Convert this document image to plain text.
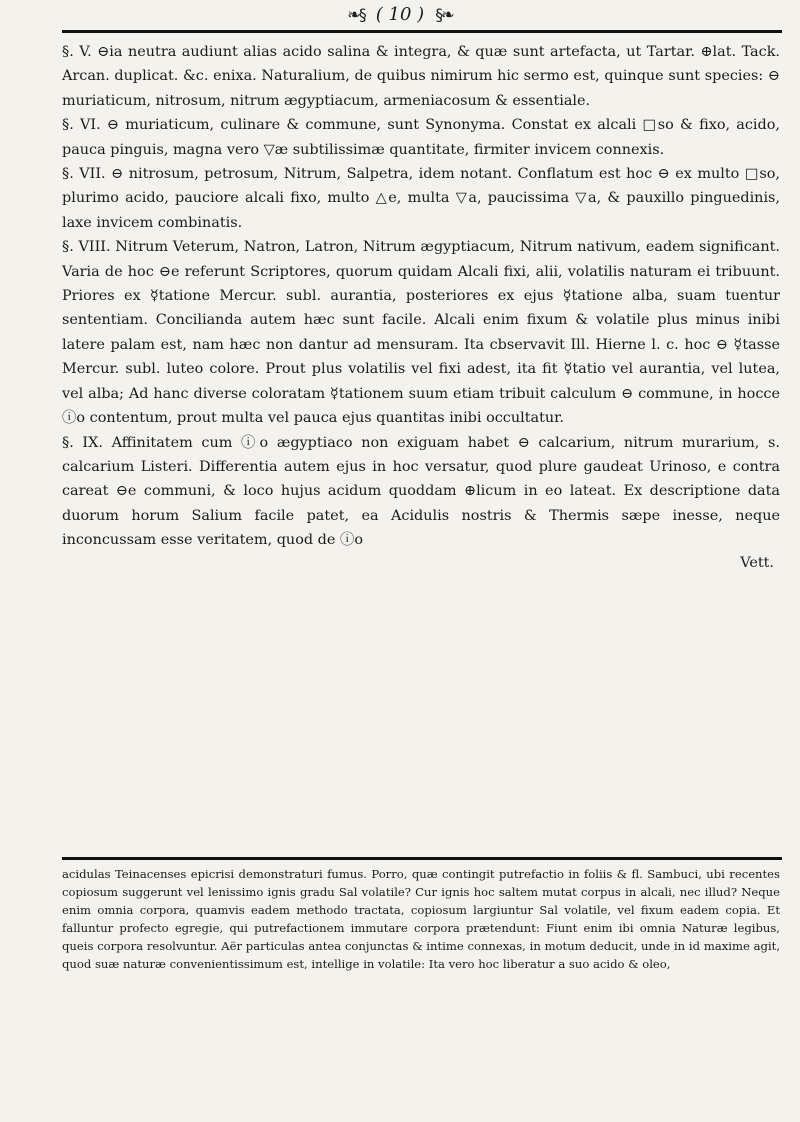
❧§ ( 10 ) §❧

§. V. ⊖ia neutra audiunt alias acido salina & integra, & quæ sunt artefacta, ut Tartar. ⊕lat. Tack. Arcan. duplicat. &c. enixa. Naturalium, de quibus nimirum hic sermo est, quinque sunt species: ⊖ muriaticum, nitrosum, nitrum ægyptiacum, armeniacosum & essentiale.

§. VI. ⊖ muriaticum, culinare & commune, sunt Synonyma. Constat ex alcali □so & fixo, acido, pauca pinguis, magna vero ▽æ subtilissimæ quantitate, firmiter invicem connexis.

§. VII. ⊖ nitrosum, petrosum, Nitrum, Salpetra, idem notant. Conflatum est hoc ⊖ ex multo □so, plurimo acido, pauciore alcali fixo, multo △e, multa ▽a, paucissima ▽a, & pauxillo pinguedinis, laxe invicem combinatis.

§. VIII. Nitrum Veterum, Natron, Latron, Nitrum ægyptiacum, Nitrum nativum, eadem significant. Varia de hoc ⊖e referunt Scriptores, quorum quidam Alcali fixi, alii, volatilis naturam ei tribuunt. Priores ex ☿tatione Mercur. subl. aurantia, posteriores ex ejus ☿tatione alba, suam tuentur sententiam. Concilianda autem hæc sunt facile. Alcali enim fixum & volatile plus minus inibi latere palam est, nam hæc non dantur ad mensuram. Ita cbservavit Ill. Hierne l. c. hoc ⊖ ☿tasse Mercur. subl. luteo colore. Prout plus volatilis vel fixi adest, ita fit ☿tatio vel aurantia, vel lutea, vel alba; Ad hanc diverse coloratam ☿tationem suum etiam tribuit calculum ⊖ commune, in hocce ⓘo contentum, prout multa vel pauca ejus quantitas inibi occultatur.

§. IX. Affinitatem cum ⓘo ægyptiaco non exiguam habet ⊖ calcarium, nitrum murarium, s. calcarium Listeri. Differentia autem ejus in hoc versatur, quod plure gaudeat Urinoso, e contra careat ⊖e communi, & loco hujus acidum quoddam ⊕licum in eo lateat. Ex descriptione data duorum horum Salium facile patet, ea Acidulis nostris & Thermis sæpe inesse, neque inconcussam esse veritatem, quod de ⓘo

Vett.

acidulas Teinacenses epicrisi demonstraturi fumus. Porro, quæ contingit putrefactio in foliis & fl. Sambuci, ubi recentes copiosum suggerunt vel lenissimo ignis gradu Sal volatile? Cur ignis hoc saltem mutat corpus in alcali, nec illud? Neque enim omnia corpora, quamvis eadem methodo tractata, copiosum largiuntur Sal volatile, vel fixum eadem copia. Et falluntur profecto egregie, qui putrefactionem immutare corpora prætendunt: Fiunt enim ibi omnia Naturæ legibus, queis corpora resolvuntur. Aër particulas antea conjunctas & intime connexas, in motum deducit, unde in id maxime agit, quod suæ naturæ convenientissimum est, intellige in volatile: Ita vero hoc liberatur a suo acido & oleo,
